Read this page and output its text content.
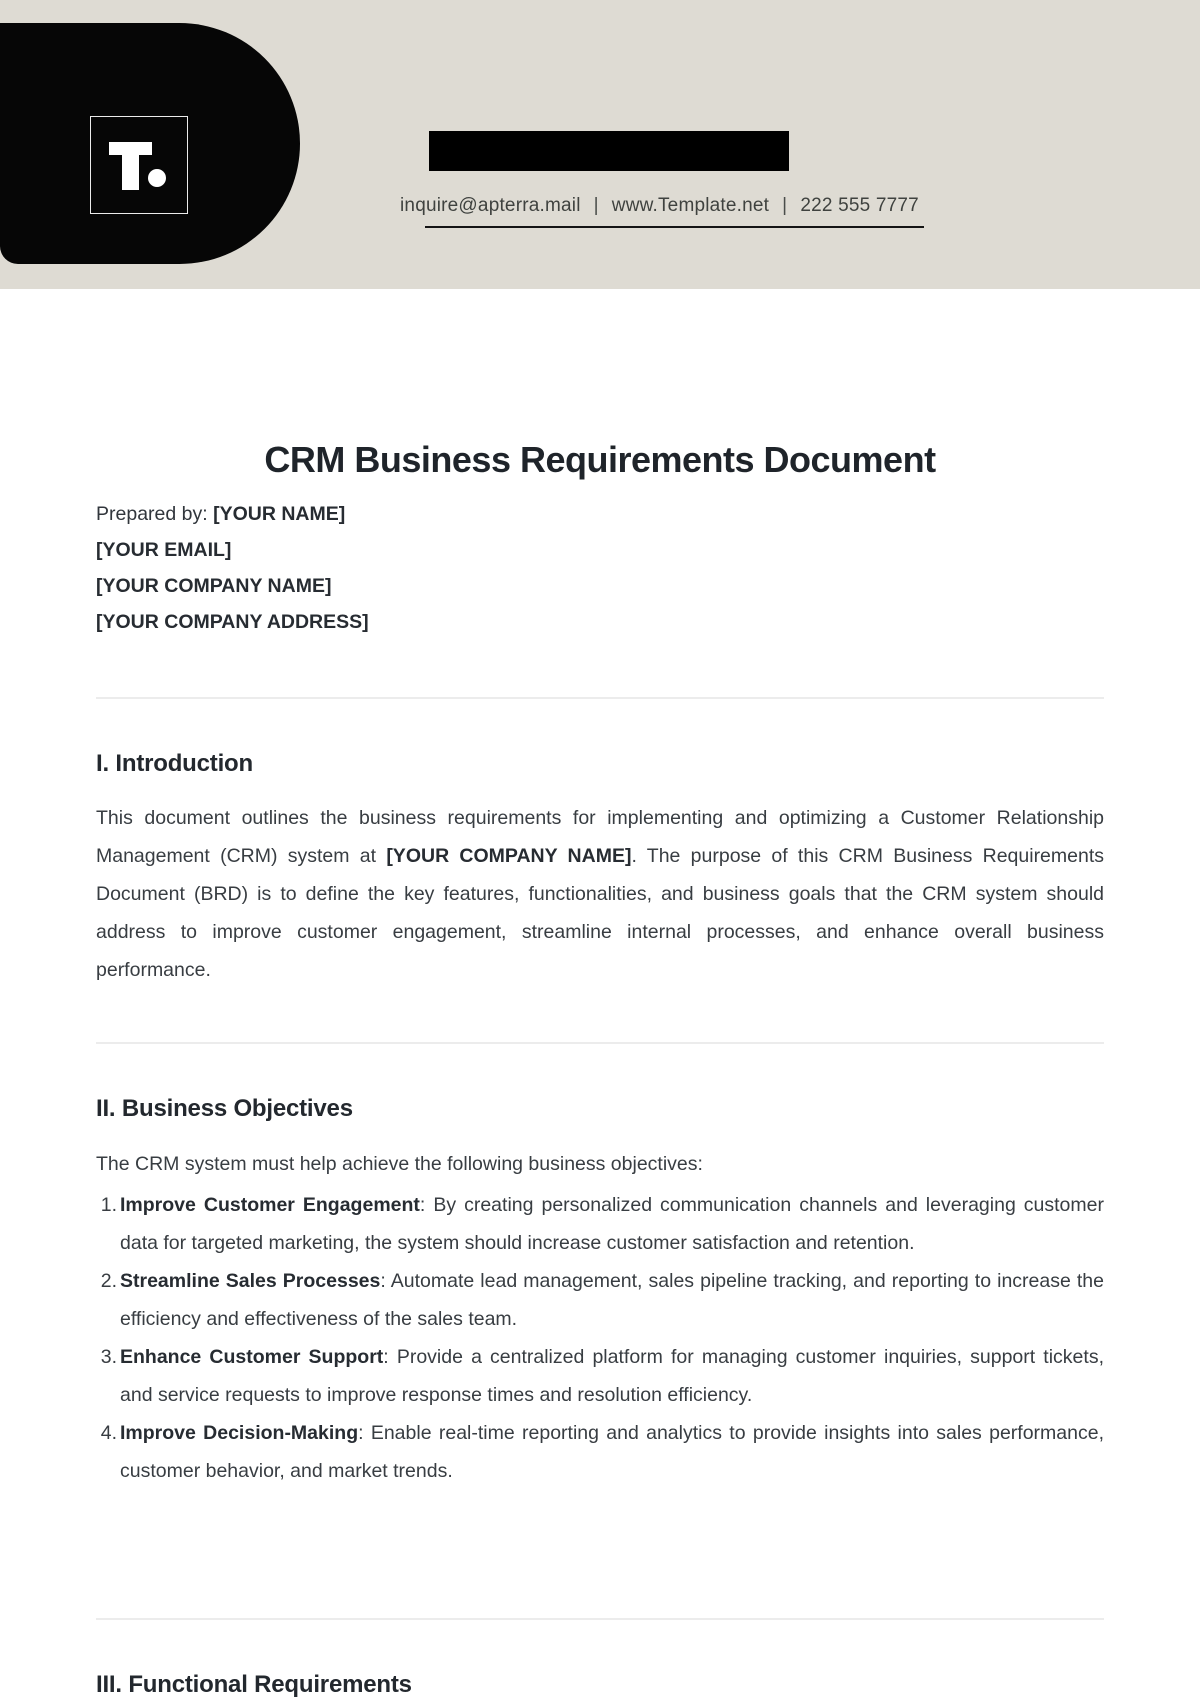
inquire@apterra.mail | www.Template.net | 222 555 7777
CRM Business Requirements Document
Prepared by: [YOUR NAME]
[YOUR EMAIL]
[YOUR COMPANY NAME]
[YOUR COMPANY ADDRESS]
I. Introduction
This document outlines the business requirements for implementing and optimizing a Customer Relationship Management (CRM) system at [YOUR COMPANY NAME]. The purpose of this CRM Business Requirements Document (BRD) is to define the key features, functionalities, and business goals that the CRM system should address to improve customer engagement, streamline internal processes, and enhance overall business performance.
II. Business Objectives
The CRM system must help achieve the following business objectives:
1. Improve Customer Engagement: By creating personalized communication channels and leveraging customer data for targeted marketing, the system should increase customer satisfaction and retention.
2. Streamline Sales Processes: Automate lead management, sales pipeline tracking, and reporting to increase the efficiency and effectiveness of the sales team.
3. Enhance Customer Support: Provide a centralized platform for managing customer inquiries, support tickets, and service requests to improve response times and resolution efficiency.
4. Improve Decision-Making: Enable real-time reporting and analytics to provide insights into sales performance, customer behavior, and market trends.
III. Functional Requirements
